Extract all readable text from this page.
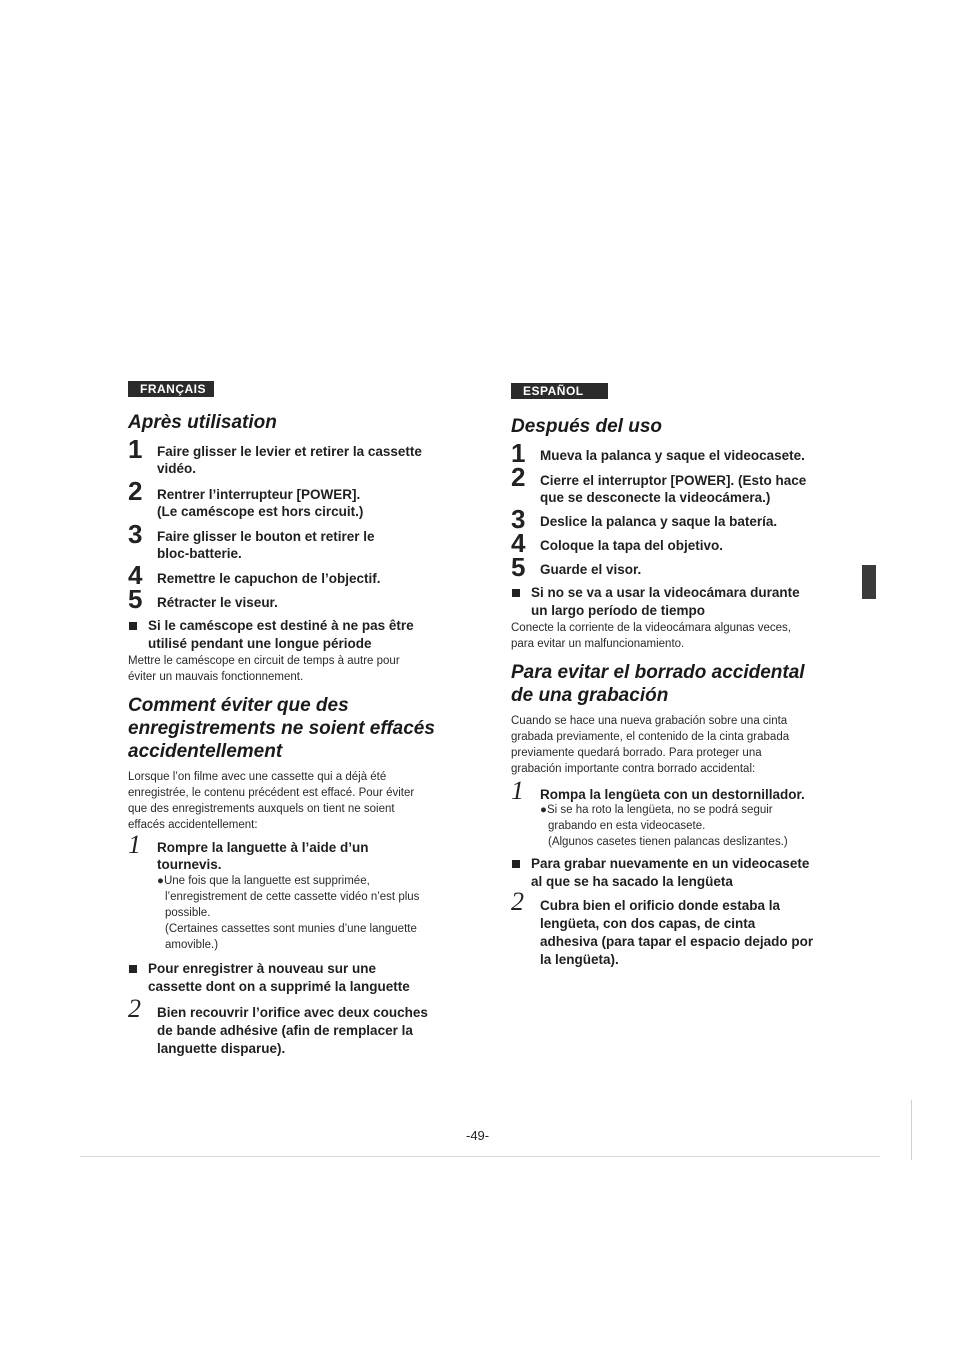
FRANÇAIS
Après utilisation
1 Faire glisser le levier et retirer la cassette
vidéo.
2 Rentrer l’interrupteur [POWER].
(Le caméscope est hors circuit.)
3 Faire glisser le bouton et retirer le
bloc-batterie.
4 Remettre le capuchon de l’objectif.
5 Rétracter le viseur.
Si le caméscope est destiné à ne pas être
utilisé pendant une longue période
Mettre le caméscope en circuit de temps à autre pour
éviter un mauvais fonctionnement.
Comment éviter que des
enregistrements ne soient effacés
accidentellement
Lorsque l’on filme avec une cassette qui a déjà été
enregistrée, le contenu précédent est effacé. Pour éviter
que des enregistrements auxquels on tient ne soient
effacés accidentellement:
1 Rompre la languette à l’aide d’un
tournevis.
●Une fois que la languette est supprimée,
l’enregistrement de cette cassette vidéo n’est plus
possible.
(Certaines cassettes sont munies d’une languette
amovible.)
Pour enregistrer à nouveau sur une
cassette dont on a supprimé la languette
2 Bien recouvrir l’orifice avec deux couches
de bande adhésive (afin de remplacer la
languette disparue).
ESPAÑOL
Después del uso
1 Mueva la palanca y saque el videocasete.
2 Cierre el interruptor [POWER]. (Esto hace
que se desconecte la videocámera.)
3 Deslice la palanca y saque la batería.
4 Coloque la tapa del objetivo.
5 Guarde el visor.
Si no se va a usar la videocámara durante
un largo período de tiempo
Conecte la corriente de la videocámara algunas veces,
para evitar un malfuncionamiento.
Para evitar el borrado accidental
de una grabación
Cuando se hace una nueva grabación sobre una cinta
grabada previamente, el contenido de la cinta grabada
previamente quedará borrado. Para proteger una
grabación importante contra borrado accidental:
1 Rompa la lengüeta con un destornillador.
●Si se ha roto la lengüeta, no se podrá seguir
grabando en esta videocasete.
(Algunos casetes tienen palancas deslizantes.)
Para grabar nuevamente en un videocasete
al que se ha sacado la lengüeta
2 Cubra bien el orificio donde estaba la
lengüeta, con dos capas, de cinta
adhesiva (para tapar el espacio dejado por
la lengüeta).
-49-
